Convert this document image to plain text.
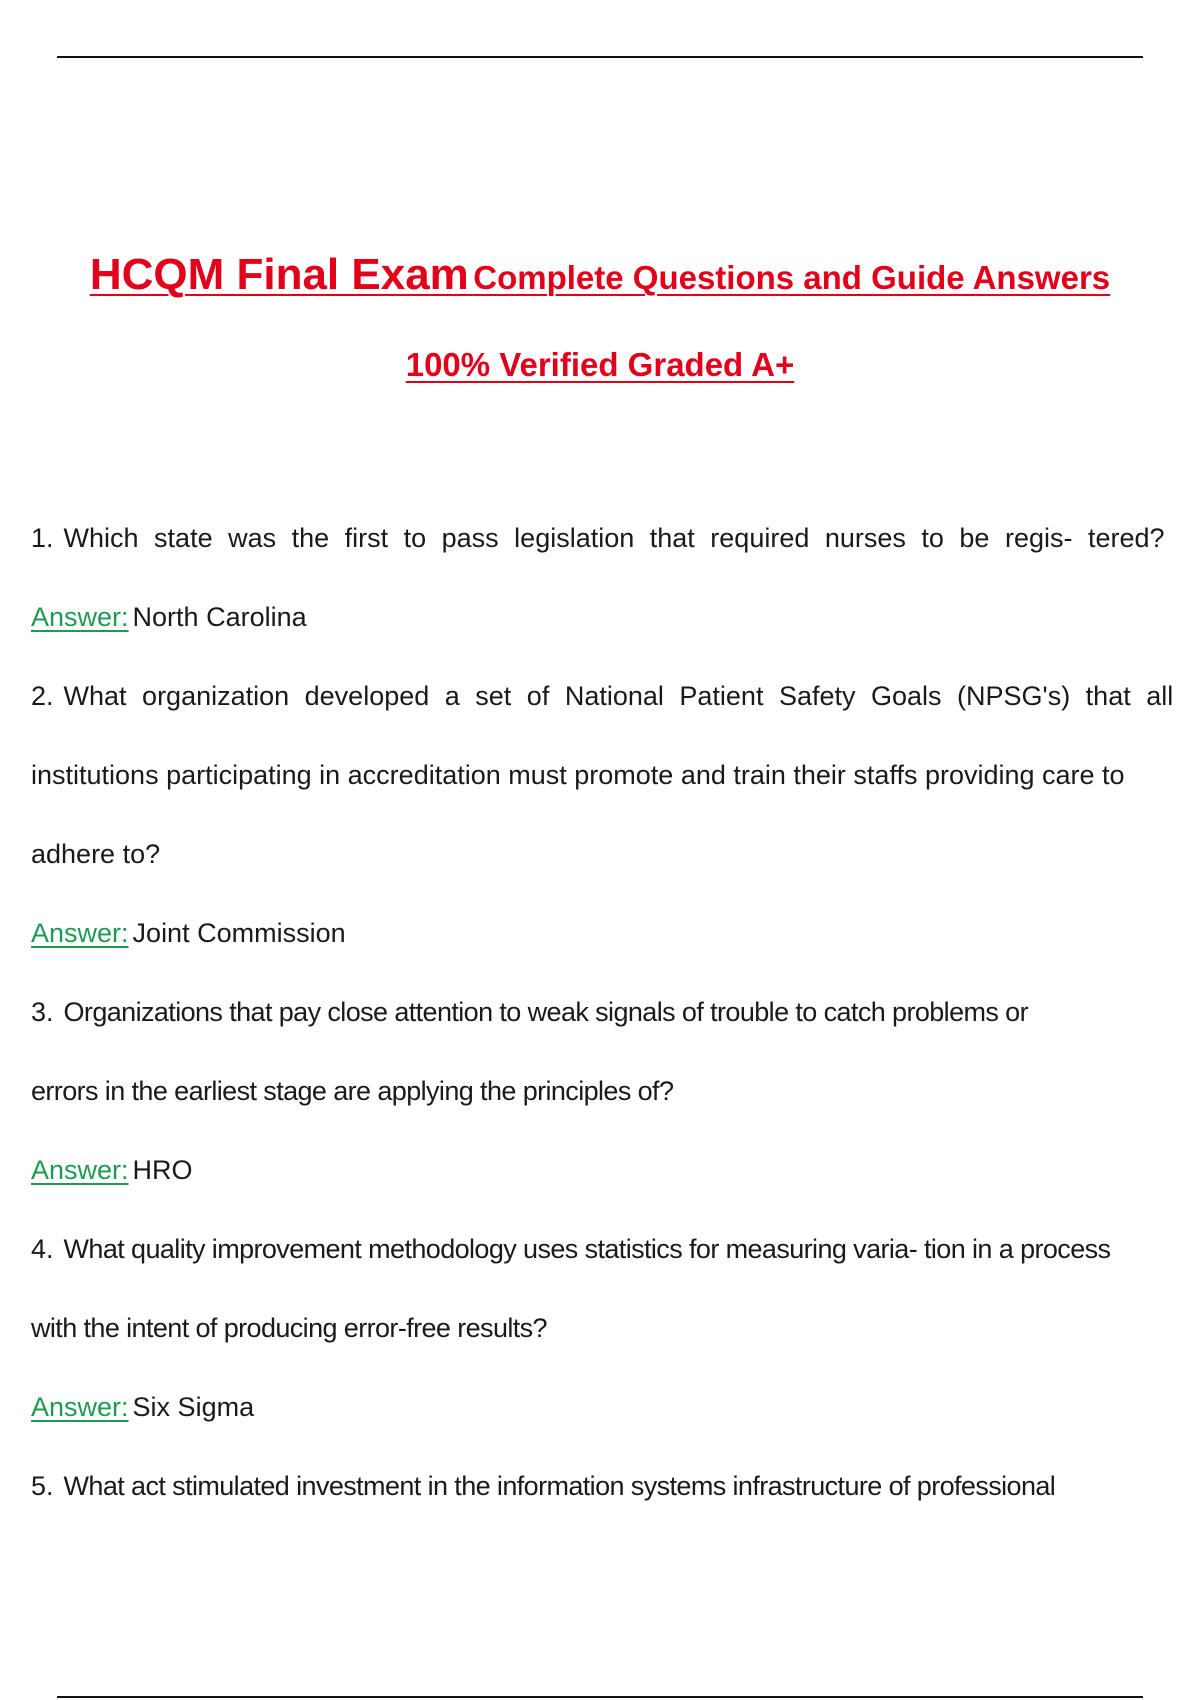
HCQM Final Exam Complete Questions and Guide Answers
100% Verified Graded A+
1. Which state was the first to pass legislation that required nurses to be regis- tered?
Answer: North Carolina
2. What organization developed a set of National Patient Safety Goals (NPSG's) that all
institutions participating in accreditation must promote and train their staffs providing care to
adhere to?
Answer: Joint Commission
3. Organizations that pay close attention to weak signals of trouble to catch problems or
errors in the earliest stage are applying the principles of?
Answer: HRO
4. What quality improvement methodology uses statistics for measuring varia- tion in a process
with the intent of producing error-free results?
Answer: Six Sigma
5. What act stimulated investment in the information systems infrastructure of professional
